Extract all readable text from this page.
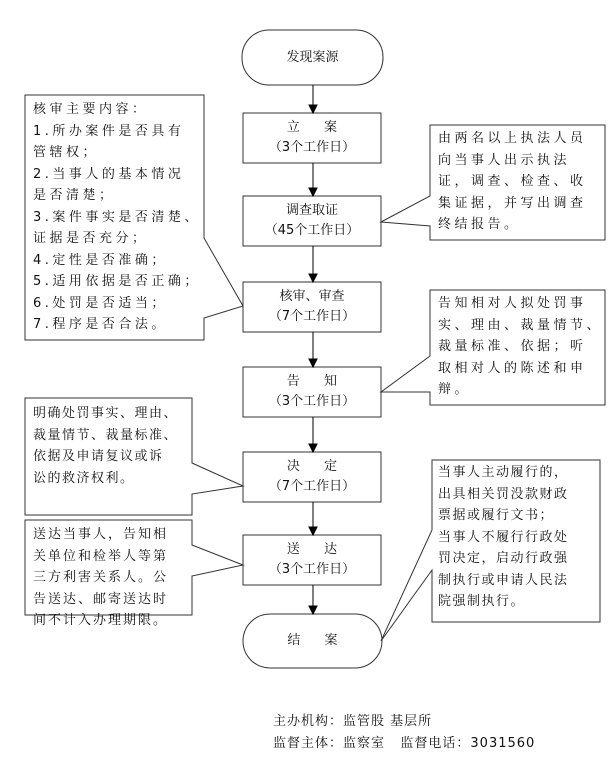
发现案源
立 案
（3个工作日）
调查取证
（45个工作日）
核审、审查
（7个工作日）
告 知
（3个工作日）
决 定
（7个工作日）
送 达
（3个工作日）
结 案
核审主要内容：
1.所办案件是否具有
管辖权；
2.当事人的基本情况
是否清楚；
3.案件事实是否清楚、
证据是否充分；
4.定性是否准确；
5.适用依据是否正确；
6.处罚是否适当；
7.程序是否合法。
由两名以上执法人员
向当事人出示执法
证，调查、检查、收
集证据，并写出调查
终结报告。
告知相对人拟处罚事
实、理由、裁量情节、
裁量标准、依据；听
取相对人的陈述和申
辩。
明确处罚事实、理由、
裁量情节、裁量标准、
依据及申请复议或诉
讼的救济权利。
送达当事人，告知相
关单位和检举人等第
三方利害关系人。公
告送达、邮寄送达时
间不计入办理期限。
当事人主动履行的，
出具相关罚没款财政
票据或履行文书；
当事人不履行行政处
罚决定，启动行政强
制执行或申请人民法
院强制执行。
主办机构：监管股 基层所
监督主体：监察室   监督电话：3031560
